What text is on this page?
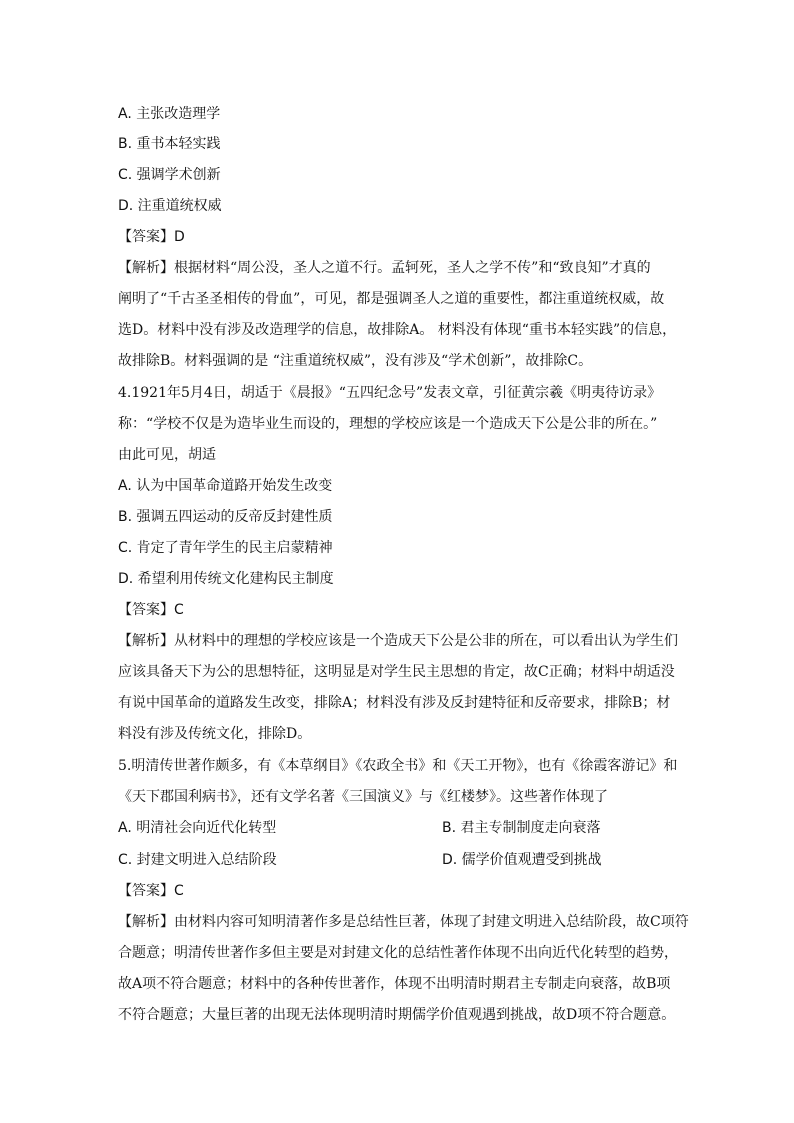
A. 主张改造理学
B. 重书本轻实践
C. 强调学术创新
D. 注重道统权威
【答案】D
【解析】根据材料“周公没，圣人之道不行。孟轲死，圣人之学不传”和“致良知”才真的
阐明了“千古圣圣相传的骨血”，可见，都是强调圣人之道的重要性，都注重道统权威，故
选D。材料中没有涉及改造理学的信息，故排除A。 材料没有体现“重书本轻实践”的信息，
故排除B。材料强调的是 “注重道统权威”，没有涉及“学术创新”，故排除C。
4.1921年5月4日，胡适于《晨报》“五四纪念号”发表文章，引征黄宗羲《明夷待访录》
称：“学校不仅是为造毕业生而设的，理想的学校应该是一个造成天下公是公非的所在。”
由此可见，胡适
A. 认为中国革命道路开始发生改变
B. 强调五四运动的反帝反封建性质
C. 肯定了青年学生的民主启蒙精神
D. 希望利用传统文化建构民主制度
【答案】C
【解析】从材料中的理想的学校应该是一个造成天下公是公非的所在，可以看出认为学生们
应该具备天下为公的思想特征，这明显是对学生民主思想的肯定，故C正确；材料中胡适没
有说中国革命的道路发生改变，排除A；材料没有涉及反封建特征和反帝要求，排除B；材
料没有涉及传统文化，排除D。
5.明清传世著作颇多，有《本草纲目》《农政全书》和《天工开物》，也有《徐霞客游记》和
《天下郡国利病书》，还有文学名著《三国演义》与《红楼梦》。这些著作体现了
A. 明清社会向近代化转型	B. 君主专制制度走向衰落
C. 封建文明进入总结阶段	D. 儒学价值观遭受到挑战
【答案】C
【解析】由材料内容可知明清著作多是总结性巨著，体现了封建文明进入总结阶段，故C项符
合题意；明清传世著作多但主要是对封建文化的总结性著作体现不出向近代化转型的趋势，
故A项不符合题意；材料中的各种传世著作，体现不出明清时期君主专制走向衰落，故B项
不符合题意；大量巨著的出现无法体现明清时期儒学价值观遇到挑战，故D项不符合题意。
